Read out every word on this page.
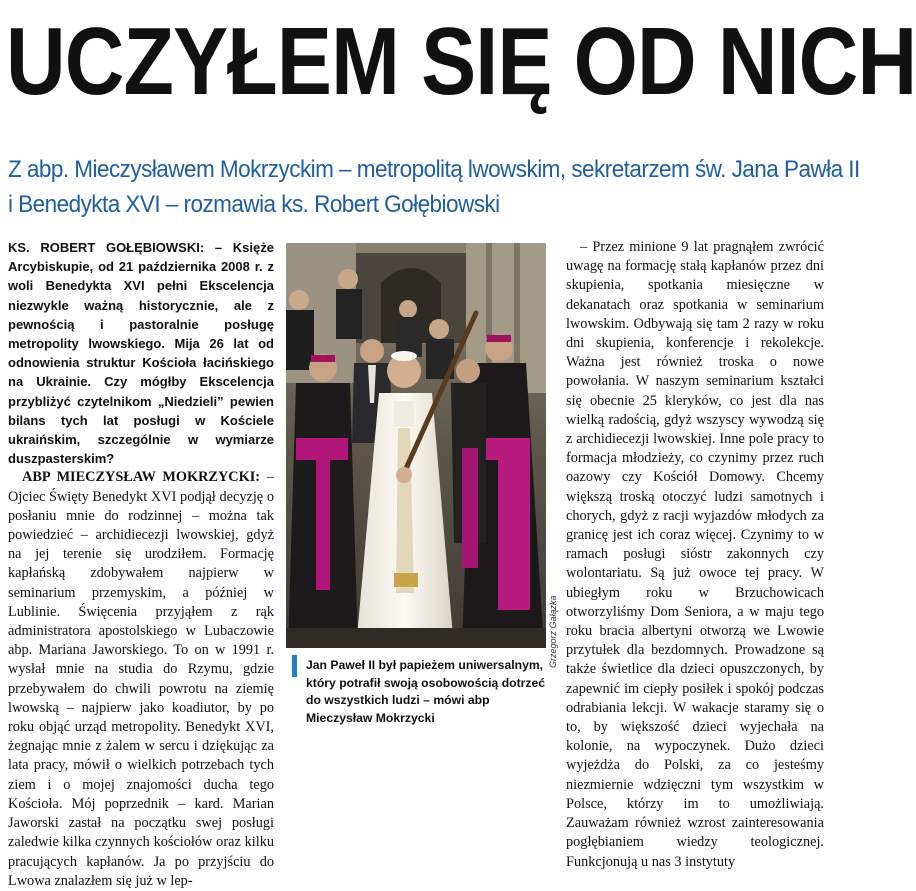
UCZYŁEM SIĘ OD NICH
Z abp. Mieczysławem Mokrzyckim – metropolitą lwowskim, sekretarzem św. Jana Pawła II
i Benedykta XVI – rozmawia ks. Robert Gołębiowski

KS. ROBERT GOŁĘBIOWSKI: – Księże Arcybiskupie, od 21 października 2008 r. z woli Benedykta XVI pełni Ekscelencja niezwykle ważną historycznie, ale z pewnością i pastoralnie posługę metropolity lwowskiego. Mija 26 lat od odnowienia struktur Kościoła łacińskiego na Ukrainie. Czy mógłby Ekscelencja przybliżyć czytelnikom „Niedzieli” pewien bilans tych lat posługi w Kościele ukraińskim, szczególnie w wymiarze duszpasterskim?

ABP MIECZYSŁAW MOKRZYCKI: – Ojciec Święty Benedykt XVI podjął decyzję o posłaniu mnie do rodzinnej – można tak powiedzieć – archidiecezji lwowskiej, gdyż na jej terenie się urodziłem. Formację kapłańską zdobywałem najpierw w seminarium przemyskim, a później w Lublinie. Święcenia przyjąłem z rąk administratora apostolskiego w Lubaczowie abp. Mariana Jaworskiego. To on w 1991 r. wysłał mnie na studia do Rzymu, gdzie przebywałem do chwili powrotu na ziemię lwowską – najpierw jako koadiutor, by po roku objąć urząd metropolity. Benedykt XVI, żegnając mnie z żalem w sercu i dziękując za lata pracy, mówił o wielkich potrzebach tych ziem i o mojej znajomości ducha tego Kościoła. Mój poprzednik – kard. Marian Jaworski zastał na początku swej posługi zaledwie kilka czynnych kościołów oraz kilku pracujących kapłanów. Ja po przyjściu do Lwowa znalazłem się już w lep-

Grzegorz Gałązka
Jan Paweł II był papieżem uniwersalnym, który potrafił swoją osobowością dotrzeć do wszystkich ludzi – mówi abp Mieczysław Mokrzycki

– Przez minione 9 lat pragnąłem zwrócić uwagę na formację stałą kapłanów przez dni skupienia, spotkania miesięczne w dekanatach oraz spotkania w seminarium lwowskim. Odbywają się tam 2 razy w roku dni skupienia, konferencje i rekolekcje. Ważna jest również troska o nowe powołania. W naszym seminarium kształci się obecnie 25 kleryków, co jest dla nas wielką radością, gdyż wszyscy wywodzą się z archidiecezji lwowskiej. Inne pole pracy to formacja młodzieży, co czynimy przez ruch oazowy czy Kościół Domowy. Chcemy większą troską otoczyć ludzi samotnych i chorych, gdyż z racji wyjazdów młodych za granicę jest ich coraz więcej. Czynimy to w ramach posługi sióstr zakonnych czy wolontariatu. Są już owoce tej pracy. W ubiegłym roku w Brzuchowicach otworzyliśmy Dom Seniora, a w maju tego roku bracia albertyni otworzą we Lwowie przytułek dla bezdomnych. Prowadzone są także świetlice dla dzieci opuszczonych, by zapewnić im ciepły posiłek i spokój podczas odrabiania lekcji. W wakacje staramy się o to, by większość dzieci wyjechała na kolonie, na wypoczynek. Dużo dzieci wyjeżdża do Polski, za co jesteśmy niezmiernie wdzięczni tym wszystkim w Polsce, którzy im to umożliwiają. Zauważam również wzrost zainteresowania pogłębianiem wiedzy teologicznej. Funkcjonują u nas 3 instytuty
